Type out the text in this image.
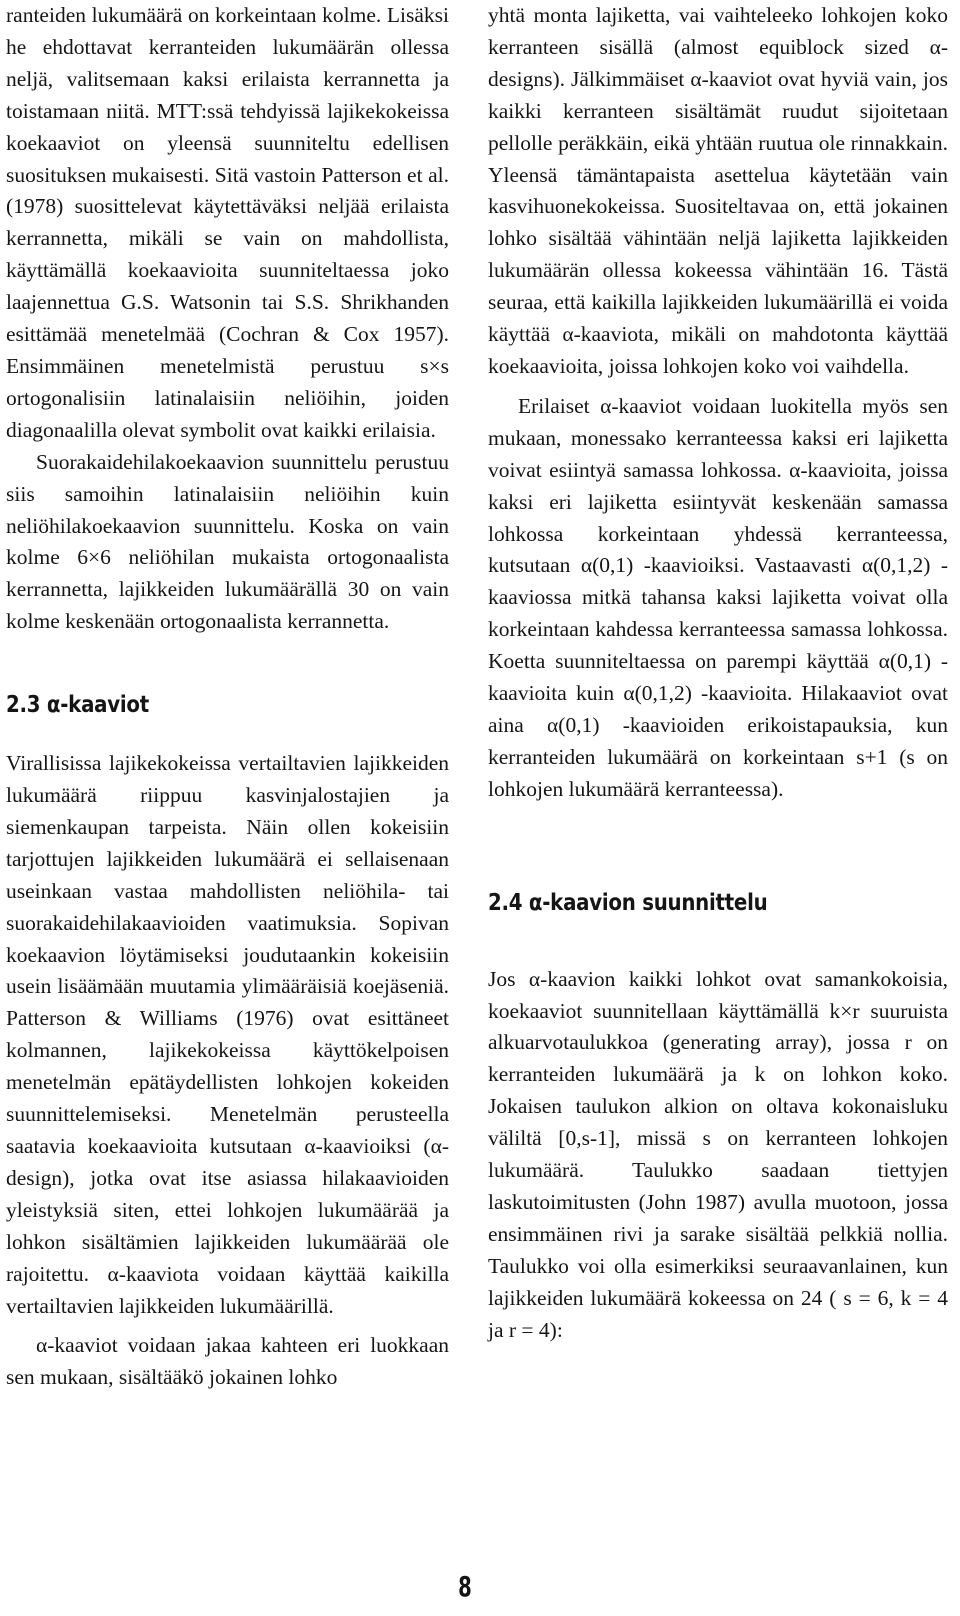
ranteiden lukumäärä on korkeintaan kolme. Lisäksi he ehdottavat kerranteiden lukumäärän ollessa neljä, valitsemaan kaksi erilaista kerrannetta ja toistamaan niitä. MTT:ssä tehdyissä lajikekokeissa koekaaviot on yleensä suunniteltu edellisen suosituksen mukaisesti. Sitä vastoin Patterson et al. (1978) suosittelevat käytettäväksi neljää erilaista kerrannetta, mikäli se vain on mahdollista, käyttämällä koekaavioita suunniteltaessa joko laajennettua G.S. Watsonin tai S.S. Shrikhanden esittämää menetelmää (Cochran & Cox 1957). Ensimmäinen menetelmistä perustuu s×s ortogonalisiin latinalaisiin neliöihin, joiden diagonaalilla olevat symbolit ovat kaikki erilaisia.

Suorakaidehilakoekaavion suunnittelu perustuu siis samoihin latinalaisiin neliöihin kuin neliöhilakoekaavion suunnittelu. Koska on vain kolme 6×6 neliöhilan mukaista ortogonaalista kerrannetta, lajikkeiden lukumäärällä 30 on vain kolme keskenään ortogonaalista kerrannetta.

2.3 α-kaaviot

Virallisissa lajikekokeissa vertailtavien lajikkeiden lukumäärä riippuu kasvinjalostajien ja siemenkaupan tarpeista. Näin ollen kokeisiin tarjottujen lajikkeiden lukumäärä ei sellaisenaan useinkaan vastaa mahdollisten neliöhila- tai suorakaidehilakaavioiden vaatimuksia. Sopivan koekaavion löytämiseksi joudutaankin kokeisiin usein lisäämään muutamia ylimääräisiä koejäseniä. Patterson & Williams (1976) ovat esittäneet kolmannen, lajikekokeissa käyttökelpoisen menetelmän epätäydellisten lohkojen kokeiden suunnittelemiseksi. Menetelmän perusteella saatavia koekaavioita kutsutaan α-kaavioiksi (α-design), jotka ovat itse asiassa hilakaavioiden yleistyksiä siten, ettei lohkojen lukumäärää ja lohkon sisältämien lajikkeiden lukumäärää ole rajoitettu. α-kaaviota voidaan käyttää kaikilla vertailtavien lajikkeiden lukumäärillä.

α-kaaviot voidaan jakaa kahteen eri luokkaan sen mukaan, sisältääkö jokainen lohko

yhtä monta lajiketta, vai vaihteleeko lohkojen koko kerranteen sisällä (almost equiblock sized α-designs). Jälkimmäiset α-kaaviot ovat hyviä vain, jos kaikki kerranteen sisältämät ruudut sijoitetaan pellolle peräkkäin, eikä yhtään ruutua ole rinnakkain. Yleensä tämäntapaista asettelua käytetään vain kasvihuonekokeissa. Suositeltavaa on, että jokainen lohko sisältää vähintään neljä lajiketta lajikkeiden lukumäärän ollessa kokeessa vähintään 16. Tästä seuraa, että kaikilla lajikkeiden lukumäärillä ei voida käyttää α-kaaviota, mikäli on mahdotonta käyttää koekaavioita, joissa lohkojen koko voi vaihdella.

Erilaiset α-kaaviot voidaan luokitella myös sen mukaan, monessako kerranteessa kaksi eri lajiketta voivat esiintyä samassa lohkossa. α-kaavioita, joissa kaksi eri lajiketta esiintyvät keskenään samassa lohkossa korkeintaan yhdessä kerranteessa, kutsutaan α(0,1) -kaavioiksi. Vastaavasti α(0,1,2) -kaaviossa mitkä tahansa kaksi lajiketta voivat olla korkeintaan kahdessa kerranteessa samassa lohkossa. Koetta suunniteltaessa on parempi käyttää α(0,1) -kaavioita kuin α(0,1,2) -kaavioita. Hilakaaviot ovat aina α(0,1) -kaavioiden erikoistapauksia, kun kerranteiden lukumäärä on korkeintaan s+1 (s on lohkojen lukumäärä kerranteessa).

2.4 α-kaavion suunnittelu

Jos α-kaavion kaikki lohkot ovat samankokoisia, koekaaviot suunnitellaan käyttämällä k×r suuruista alkuarvotaulukkoa (generating array), jossa r on kerranteiden lukumäärä ja k on lohkon koko. Jokaisen taulukon alkion on oltava kokonaisluku väliltä [0,s-1], missä s on kerranteen lohkojen lukumäärä. Taulukko saadaan tiettyjen laskutoimitusten (John 1987) avulla muotoon, jossa ensimmäinen rivi ja sarake sisältää pelkkiä nollia. Taulukko voi olla esimerkiksi seuraavanlainen, kun lajikkeiden lukumäärä kokeessa on 24 ( s = 6, k = 4 ja r = 4):

8
